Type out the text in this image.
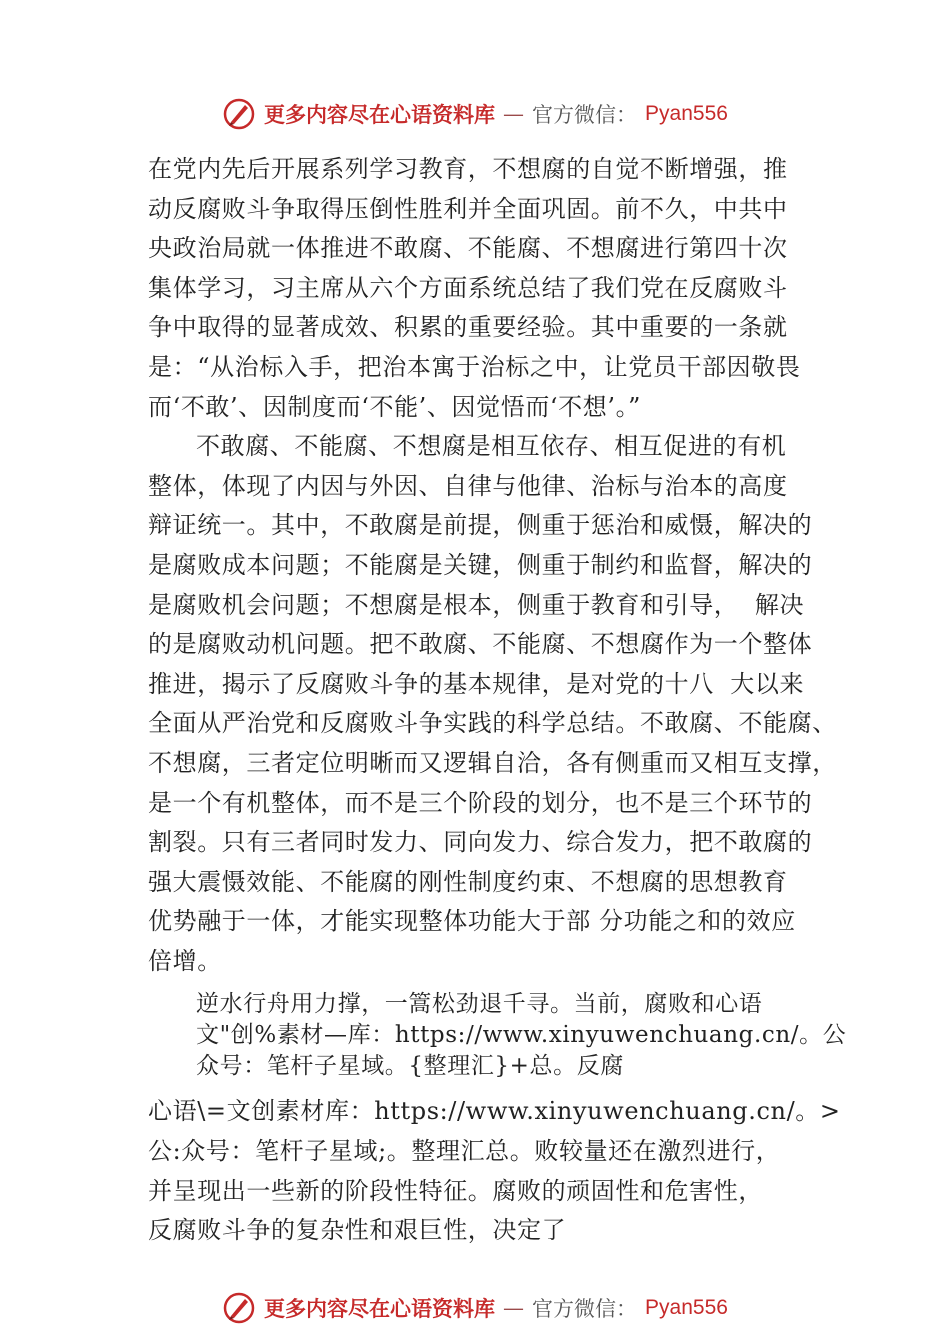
更多内容尽在心语资料库 — 官方微信： Pyan556
在党内先后开展系列学习教育，不想腐的自觉不断增强，推
动反腐败斗争取得压倒性胜利并全面巩固。前不久，中共中
央政治局就一体推进不敢腐、不能腐、不想腐进行第四十次
集体学习，习主席从六个方面系统总结了我们党在反腐败斗
争中取得的显著成效、积累的重要经验。其中重要的一条就
是：“从治标入手，把治本寓于治标之中，让党员干部因敬畏
而‘不敢’、因制度而‘不能’、因觉悟而‘不想’。”
不敢腐、不能腐、不想腐是相互依存、相互促进的有机
整体，体现了内因与外因、自律与他律、治标与治本的高度
辩证统一。其中，不敢腐是前提，侧重于惩治和威慑，解决的
是腐败成本问题；不能腐是关键，侧重于制约和监督，解决的
是腐败机会问题；不想腐是根本，侧重于教育和引导，  解决
的是腐败动机问题。把不敢腐、不能腐、不想腐作为一个整体
推进，揭示了反腐败斗争的基本规律，是对党的十八  大以来
全面从严治党和反腐败斗争实践的科学总结。不敢腐、不能腐、
不想腐，三者定位明晰而又逻辑自洽，各有侧重而又相互支撑，
是一个有机整体，而不是三个阶段的划分，也不是三个环节的
割裂。只有三者同时发力、同向发力、综合发力，把不敢腐的
强大震慑效能、不能腐的刚性制度约束、不想腐的思想教育
优势融于一体，才能实现整体功能大于部 分功能之和的效应
倍增。
逆水行舟用力撑，一篙松劲退千寻。当前，腐败和心语
文"创%素材—库：https://www.xinyuwenchuang.cn/。公
众号：笔杆子星域。{整理汇}+总。反腐
心语\=文创素材库：https://www.xinyuwenchuang.cn/。>
公:众号：笔杆子星域;。整理汇总。败较量还在激烈进行，
并呈现出一些新的阶段性特征。腐败的顽固性和危害性，
反腐败斗争的复杂性和艰巨性，决定了
更多内容尽在心语资料库 — 官方微信： Pyan556
